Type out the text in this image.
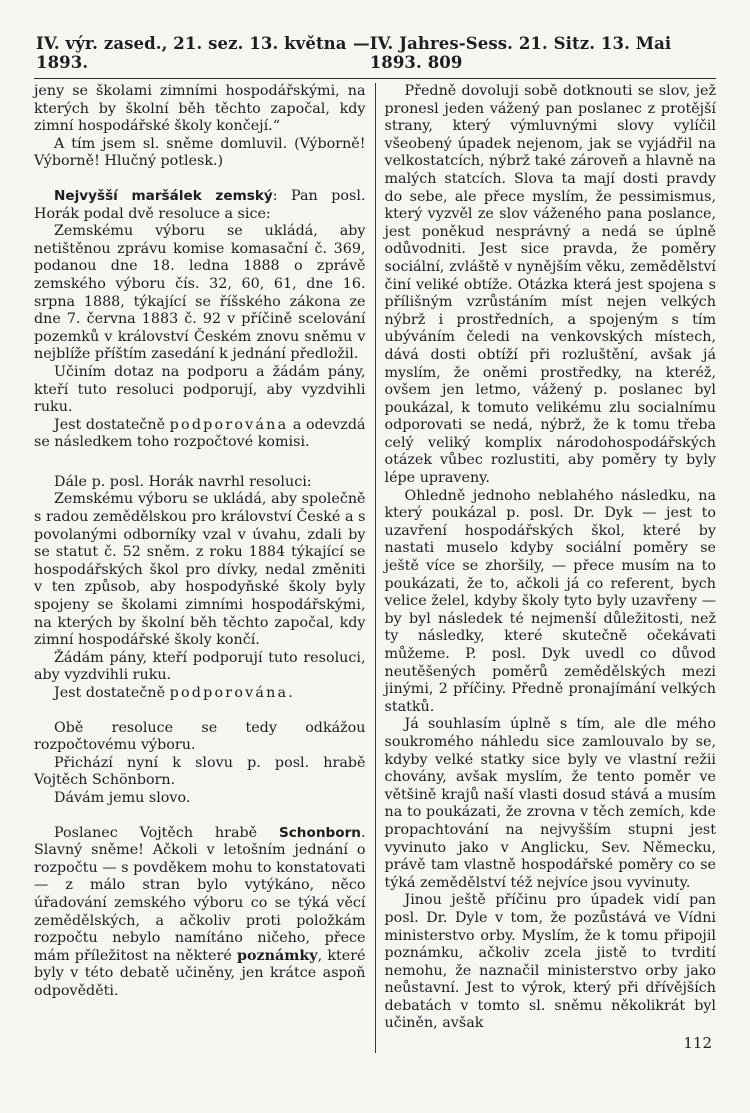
IV. výr. zased., 21. sez. 13. května 1893.
— IV. Jahres-Sess. 21. Sitz. 13. Mai 1893. 809

jeny se školami zimními hospodářskými, na kterých by školní běh těchto započal, kdy zimní hospodářské školy končejí.“

A tím jsem sl. sněme domluvil. (Výborně! Výborně! Hlučný potlesk.)

Nejvyšší maršálek zemský: Pan posl. Horák podal dvě resoluce a sice:

Zemskému výboru se ukládá, aby netištěnou zprávu komise komasační č. 369, podanou dne 18. ledna 1888 o zprávě zemského výboru čís. 32, 60, 61, dne 16. srpna 1888, týkající se říšského zákona ze dne 7. června 1883 č. 92 v příčině scelování pozemků v království Českém znovu sněmu v nejblíže příštím zasedání k jednání předložil.

Učiním dotaz na podporu a žádám pány, kteří tuto resoluci podporují, aby vyzdvihli ruku.

Jest dostatečně podporována a odevzdá se následkem toho rozpočtové komisi.

Dále p. posl. Horák navrhl resoluci:

Zemskému výboru se ukládá, aby společně s radou zemědělskou pro království České a s povolanými odborníky vzal v úvahu, zdali by se statut č. 52 sněm. z roku 1884 týkající se hospodářských škol pro dívky, nedal změniti v ten způsob, aby hospodyňské školy byly spojeny se školami zimními hospodářskými, na kterých by školní běh těchto započal, kdy zimní hospodářské školy končí.

Žádám pány, kteří podporují tuto resoluci, aby vyzdvihli ruku.

Jest dostatečně podporována.

Obě resoluce se tedy odkážou rozpočtovému výboru.

Přichází nyní k slovu p. posl. hrabě Vojtěch Schönborn.

Dávám jemu slovo.

Poslanec Vojtěch hrabě Schonborn. Slavný sněme! Ačkoli v letošním jednání o rozpočtu — s povděkem mohu to konstatovati — z málo stran bylo vytýkáno, něco úřadování zemského výboru co se týká věcí zemědělských, a ačkoliv proti položkám rozpočtu nebylo namítáno ničeho, přece mám příležitost na některé poznámky, které byly v této debatě učiněny, jen krátce aspoň odpověděti.

Předně dovoluji sobě dotknouti se slov, jež pronesl jeden vážený pan poslanec z protější strany, který výmluvnými slovy vylíčil všeobený úpadek nejenom, jak se vyjádřil na velkostatcích, nýbrž také zároveň a hlavně na malých statcích. Slova ta mají dosti pravdy do sebe, ale přece myslím, že pessimismus, který vyzvěl ze slov váženého pana poslance, jest poněkud nesprávný a nedá se úplně odůvodniti. Jest sice pravda, že poměry sociální, zvláště v nynějším věku, zemědělství činí veliké obtíže. Otázka která jest spojena s přílišným vzrůstáním míst nejen velkých nýbrž i prostředních, a spojeným s tím ubýváním čeledi na venkovských místech, dává dosti obtíží při rozluštění, avšak já myslím, že oněmi prostředky, na kteréž, ovšem jen letmo, vážený p. poslanec byl poukázal, k tomuto velikému zlu socialnímu odporovati se nedá, nýbrž, že k tomu třeba celý veliký komplix národohospodářských otázek vůbec rozlustiti, aby poměry ty byly lépe upraveny.

Ohledně jednoho neblahého následku, na který poukázal p. posl. Dr. Dyk — jest to uzavření hospodářských škol, které by nastati muselo kdyby sociální poměry se ještě více se zhoršily, — přece musím na to poukázati, že to, ačkoli já co referent, bych velice želel, kdyby školy tyto byly uzavřeny — by byl následek té nejmenší důležitosti, než ty následky, které skutečně očekávati můžeme. P. posl. Dyk uvedl co důvod neutěšených poměrů zemědělských mezi jinými, 2 příčiny. Předně pronajímání velkých statků.

Já souhlasím úplně s tím, ale dle mého soukromého náhledu sice zamlouvalo by se, kdyby velké statky sice byly ve vlastní režii chovány, avšak myslím, že tento poměr ve většině krajů naší vlasti dosud stává a musím na to poukázati, že zrovna v těch zemích, kde propachtování na nejvyšším stupni jest vyvinuto jako v Anglicku, Sev. Německu, právě tam vlastně hospodářské poměry co se týká zemědělství též nejvíce jsou vyvinuty.

Jinou ještě příčinu pro úpadek vidí pan posl. Dr. Dyle v tom, že pozůstává ve Vídni ministerstvo orby. Myslím, že k tomu připojil poznámku, ačkoliv zcela jistě to tvrdití nemohu, že naznačil ministerstvo orby jako neůstavní. Jest to výrok, který při dřívějších debatách v tomto sl. sněmu několikrát byl učiněn, avšak

112
